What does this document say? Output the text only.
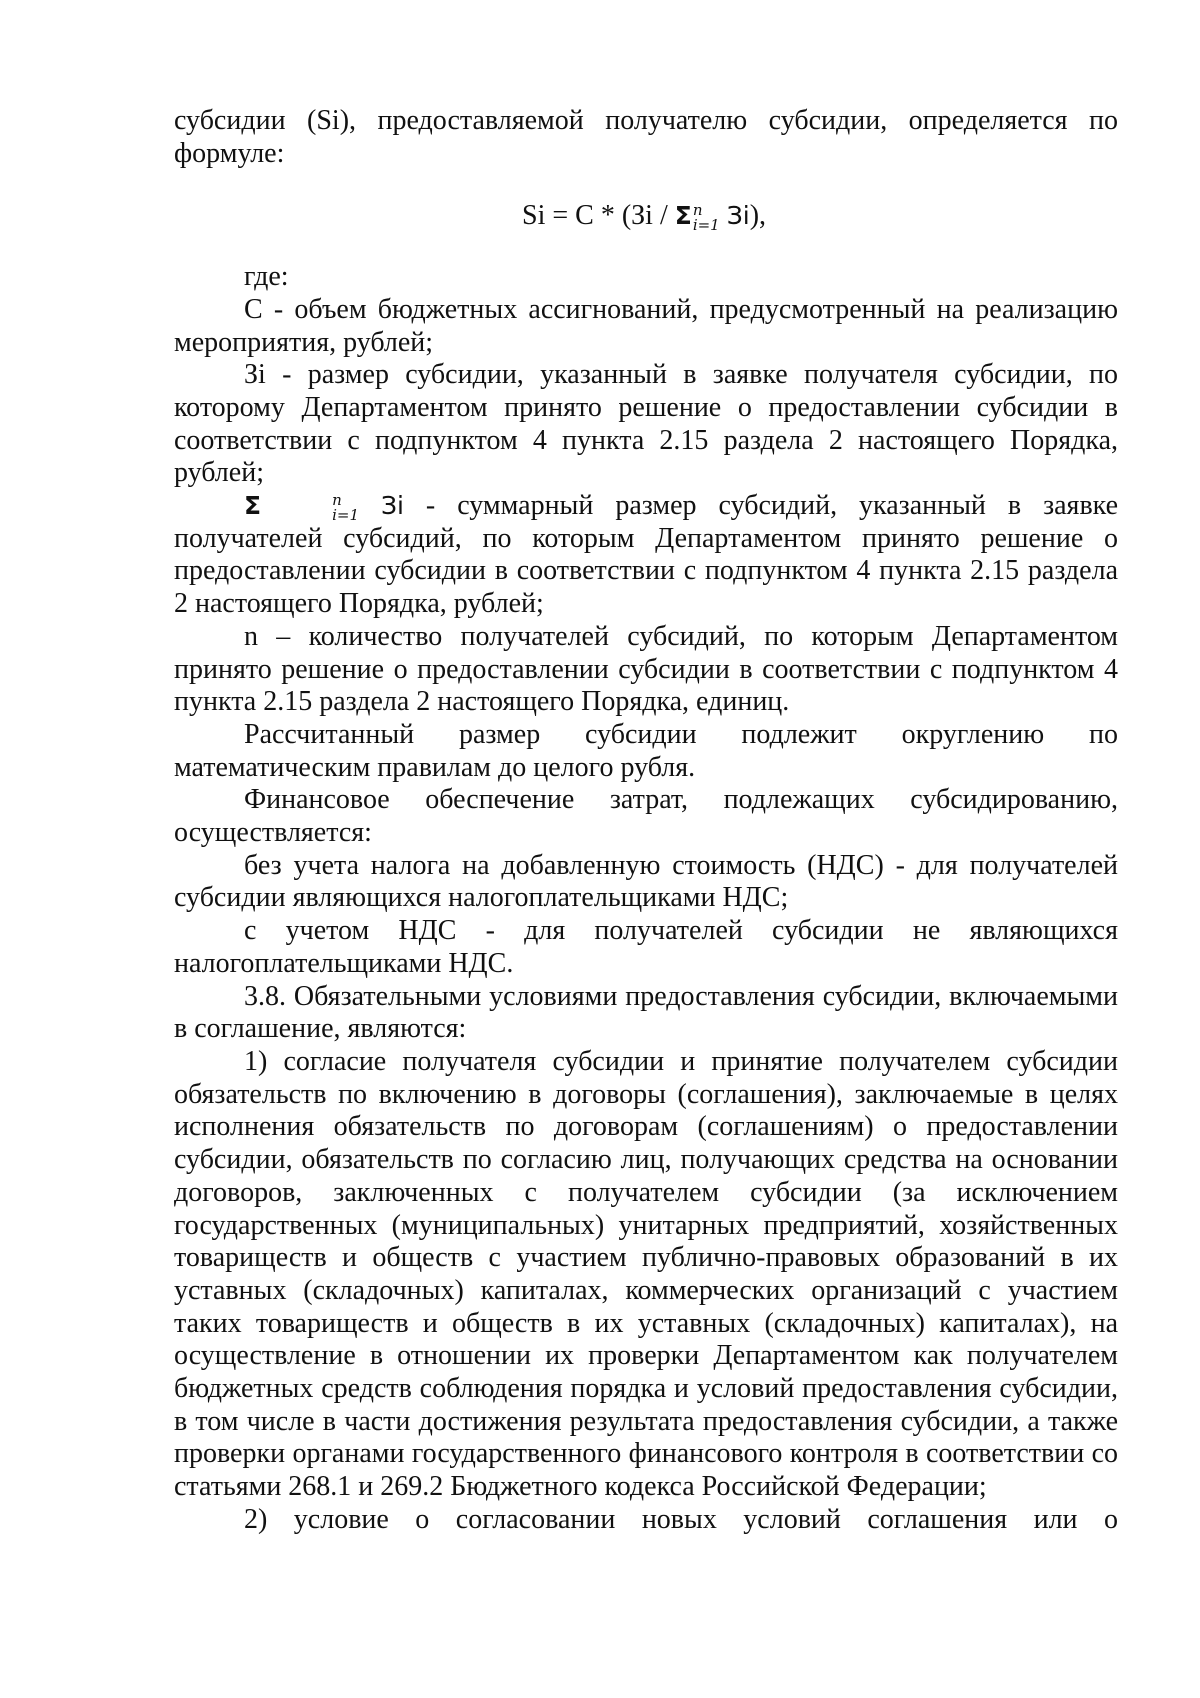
субсидии (Si), предоставляемой получателю субсидии, определяется по формуле:

Si = C * (Зi / Σ n
i=1 Зi),

где:

C - объем бюджетных ассигнований, предусмотренный на реализацию мероприятия, рублей;

Зi - размер субсидии, указанный в заявке получателя субсидии, по которому Департаментом принято решение о предоставлении субсидии в соответствии с подпунктом 4 пункта 2.15 раздела 2 настоящего Порядка, рублей;

Σ	n
i=1 Зi - суммарный размер субсидий, указанный в заявке получателей субсидий, по которым Департаментом принято решение о предоставлении субсидии в соответствии с подпунктом 4 пункта 2.15 раздела 2 настоящего Порядка, рублей;

n – количество получателей субсидий, по которым Департаментом принято решение о предоставлении субсидии в соответствии с подпунктом 4 пункта 2.15 раздела 2 настоящего Порядка, единиц.

Рассчитанный размер субсидии подлежит округлению по математическим правилам до целого рубля.

Финансовое обеспечение затрат, подлежащих субсидированию, осуществляется:

без учета налога на добавленную стоимость (НДС) - для получателей субсидии являющихся налогоплательщиками НДС;

с учетом НДС - для получателей субсидии не являющихся налогоплательщиками НДС.

3.8. Обязательными условиями предоставления субсидии, включаемыми в соглашение, являются:

1) согласие получателя субсидии и принятие получателем субсидии обязательств по включению в договоры (соглашения), заключаемые в целях исполнения обязательств по договорам (соглашениям) о предоставлении субсидии, обязательств по согласию лиц, получающих средства на основании договоров, заключенных с получателем субсидии (за исключением государственных (муниципальных) унитарных предприятий, хозяйственных товариществ и обществ с участием публично-правовых образований в их уставных (складочных) капиталах, коммерческих организаций с участием таких товариществ и обществ в их уставных (складочных) капиталах), на осуществление в отношении их проверки Департаментом как получателем бюджетных средств соблюдения порядка и условий предоставления субсидии, в том числе в части достижения результата предоставления субсидии, а также проверки органами государственного финансового контроля в соответствии со статьями 268.1 и 269.2 Бюджетного кодекса Российской Федерации;

2) условие о согласовании новых условий соглашения или о
